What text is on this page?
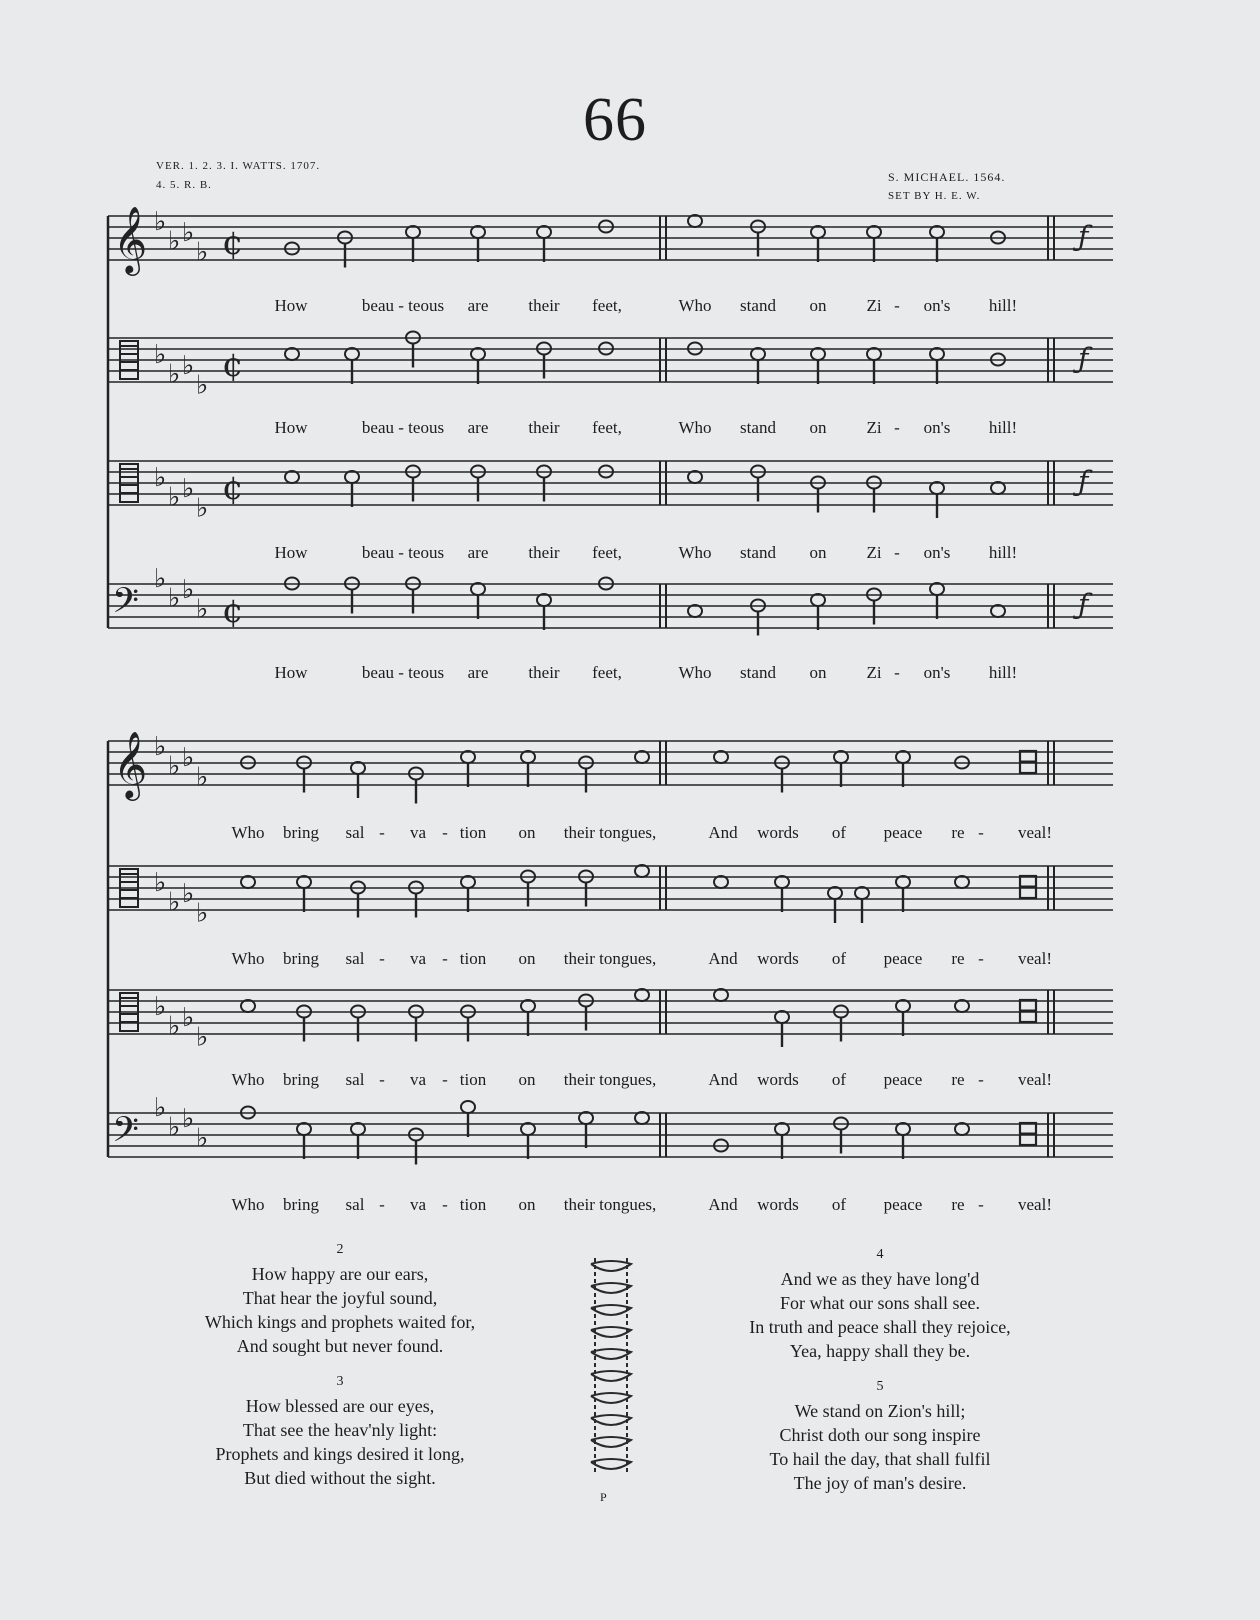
66
VER. 1. 2. 3. I. WATTS. 1707.
4. 5. R. B.
S. MICHAEL. 1564.
SET BY H. E. W.
𝄞 ♭
♭ ♭
♭ ¢	ƒ
♭
♭ ♭
♭
¢	ƒ
♭
♭ ♭
♭
¢	ƒ
𝄢
♭
♭ ♭
♭ ¢	ƒ
𝄞 ♭
♭ ♭
♭
♭
♭ ♭
♭
♭
♭ ♭
♭
𝄢
♭
♭ ♭
♭
How	beau - teous are their feet,	Who stand on Zi - on's hill!
How	beau - teous are their feet,	Who stand on Zi - on's hill!
How	beau - teous are their feet,	Who stand on Zi - on's hill!
How	beau - teous are their feet,	Who stand on Zi - on's hill!
Who bring sal - va - tion on their tongues,	And words of peace re - veal!
Who bring sal - va - tion on their tongues,	And words of peace re - veal!
Who bring sal - va - tion on their tongues,	And words of peace re - veal!
Who bring sal - va - tion on their tongues,	And words of peace re - veal!
2
How happy are our ears,
That hear the joyful sound,
Which kings and prophets waited for,
And sought but never found.
3
How blessed are our eyes,
That see the heav'nly light:
Prophets and kings desired it long,
But died without the sight.
4
And we as they have long'd
For what our sons shall see.
In truth and peace shall they rejoice,
Yea, happy shall they be.
5
We stand on Zion's hill;
Christ doth our song inspire
To hail the day, that shall fulfil
The joy of man's desire.
P
